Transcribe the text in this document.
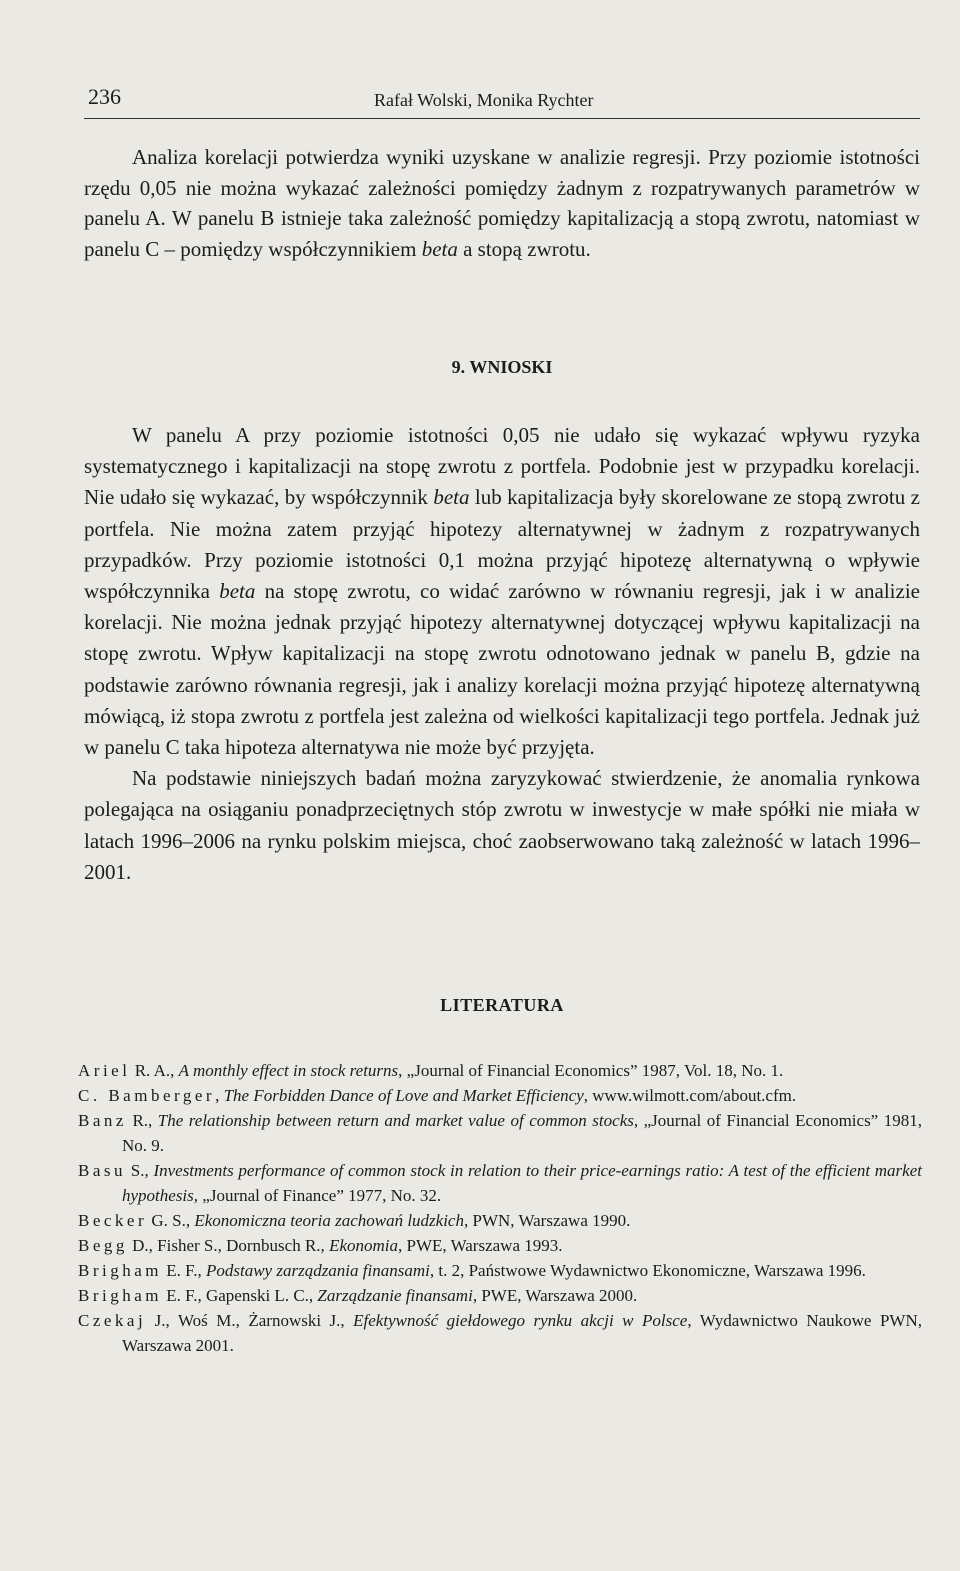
236	Rafał Wolski, Monika Rychter

Analiza korelacji potwierdza wyniki uzyskane w analizie regresji. Przy poziomie istotności rzędu 0,05 nie można wykazać zależności pomiędzy żadnym z rozpatrywanych parametrów w panelu A. W panelu B istnieje taka zależność pomiędzy kapitalizacją a stopą zwrotu, natomiast w panelu C – pomiędzy współczynnikiem beta a stopą zwrotu.

9. WNIOSKI

W panelu A przy poziomie istotności 0,05 nie udało się wykazać wpływu ryzyka systematycznego i kapitalizacji na stopę zwrotu z portfela. Podobnie jest w przypadku korelacji. Nie udało się wykazać, by współczynnik beta lub kapitalizacja były skorelowane ze stopą zwrotu z portfela. Nie można zatem przyjąć hipotezy alternatywnej w żadnym z rozpatrywanych przypadków. Przy poziomie istotności 0,1 można przyjąć hipotezę alternatywną o wpływie współczynnika beta na stopę zwrotu, co widać zarówno w równaniu regresji, jak i w analizie korelacji. Nie można jednak przyjąć hipotezy alternatywnej dotyczącej wpływu kapitalizacji na stopę zwrotu. Wpływ kapitalizacji na stopę zwrotu odnotowano jednak w panelu B, gdzie na podstawie zarówno równania regresji, jak i analizy korelacji można przyjąć hipotezę alternatywną mówiącą, iż stopa zwrotu z portfela jest zależna od wielkości kapitalizacji tego portfela. Jednak już w panelu C taka hipoteza alternatywa nie może być przyjęta.

Na podstawie niniejszych badań można zaryzykować stwierdzenie, że anomalia rynkowa polegająca na osiąganiu ponadprzeciętnych stóp zwrotu w inwestycje w małe spółki nie miała w latach 1996–2006 na rynku polskim miejsca, choć zaobserwowano taką zależność w latach 1996–2001.

LITERATURA
Ariel R. A., A monthly effect in stock returns, „Journal of Financial Economics” 1987, Vol. 18, No. 1.
C. Bamberger, The Forbidden Dance of Love and Market Efficiency, www.wilmott.com/about.cfm.
Banz R., The relationship between return and market value of common stocks, „Journal of Financial Economics” 1981, No. 9.
Basu S., Investments performance of common stock in relation to their price-earnings ratio: A test of the efficient market hypothesis, „Journal of Finance” 1977, No. 32.
Becker G. S., Ekonomiczna teoria zachowań ludzkich, PWN, Warszawa 1990.
Begg D., Fisher S., Dornbusch R., Ekonomia, PWE, Warszawa 1993.
Brigham E. F., Podstawy zarządzania finansami, t. 2, Państwowe Wydawnictwo Ekonomiczne, Warszawa 1996.
Brigham E. F., Gapenski L. C., Zarządzanie finansami, PWE, Warszawa 2000.
Czekaj J., Woś M., Żarnowski J., Efektywność giełdowego rynku akcji w Polsce, Wydawnictwo Naukowe PWN, Warszawa 2001.
